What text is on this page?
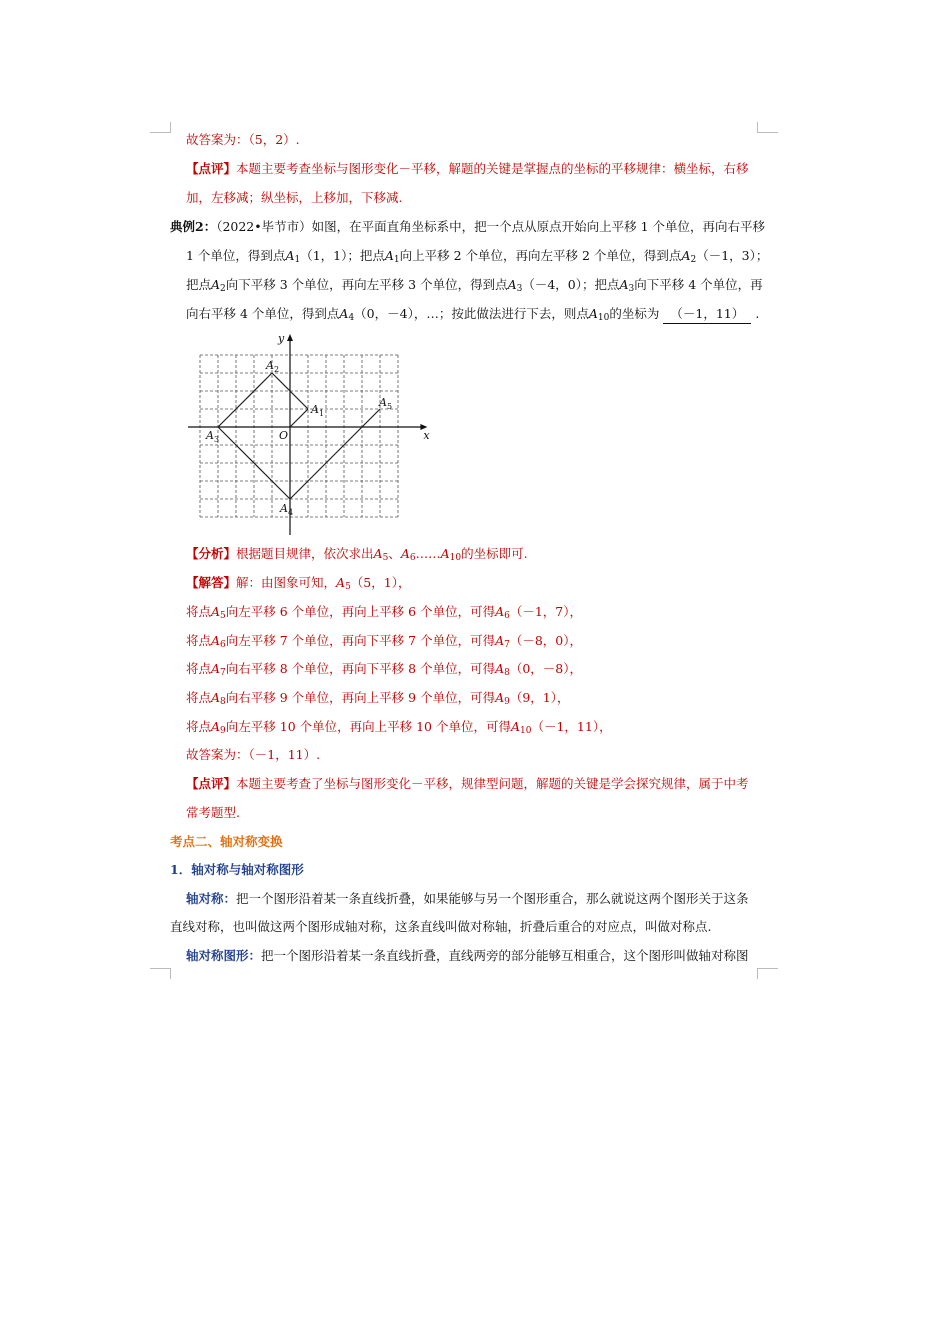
故答案为：（5，2）.
【点评】本题主要考查坐标与图形变化－平移，解题的关键是掌握点的坐标的平移规律：横坐标，右移
加，左移减；纵坐标，上移加，下移减.
典例2：（2022•毕节市）如图，在平面直角坐标系中，把一个点从原点开始向上平移 1 个单位，再向右平移
1 个单位，得到点$A_1(1$，1）；把点$A_1$向上平移 2 个单位，再向左平移 2 个单位，得到点$A_2(-1$，3）；
把点$A_2$向下平移 3 个单位，再向左平移 3 个单位，得到点$A_3(-4$，0）；把点$A_3$向下平移 4 个单位，再
向右平移 4 个单位，得到点$A_4(0$，－4），…；按此做法进行下去，则点$A_{10}$的坐标为 （－1，11） .
x
y
O
$A_1$
$A_2$
$A_3$
$A_4$
$A_5$
【分析】根据题目规律，依次求出$A_5$、$A_6\dots\dots A_{10}$的坐标即可.
【解答】解：由图象可知，$A_5(5$，1），
将点$A_5$向左平移 6 个单位，再向上平移 6 个单位，可得$A_6(-1$，7），
将点$A_6$向左平移 7 个单位，再向下平移 7 个单位，可得$A_7(-8$，0），
将点$A_7$向右平移 8 个单位，再向下平移 8 个单位，可得$A_8(0$，－8），
将点$A_8$向右平移 9 个单位，再向上平移 9 个单位，可得$A_9(9$，1），
将点$A_9$向左平移 10 个单位，再向上平移 10 个单位，可得$A_{10}(-1$，11），
故答案为：（－1，11）.
【点评】本题主要考查了坐标与图形变化－平移，规律型问题，解题的关键是学会探究规律，属于中考
常考题型.
考点二、轴对称变换
1．轴对称与轴对称图形
轴对称：把一个图形沿着某一条直线折叠，如果能够与另一个图形重合，那么就说这两个图形关于这条
直线对称，也叫做这两个图形成轴对称，这条直线叫做对称轴，折叠后重合的对应点，叫做对称点.
轴对称图形：把一个图形沿着某一条直线折叠，直线两旁的部分能够互相重合，这个图形叫做轴对称图
